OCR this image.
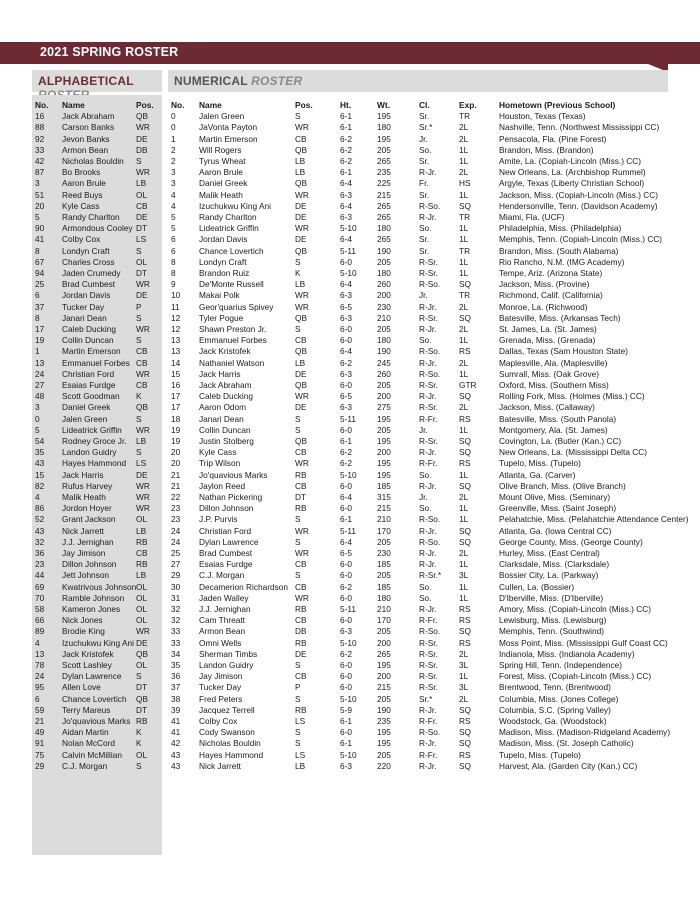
2021 SPRING ROSTER
ALPHABETICAL	NUMERICAL ROSTER
No.	Name	Pos.
16	Jack Abraham	QB
88	Carson Banks	WR
92	Jevon Banks	DE
33	Armon Bean	DB
42	Nicholas Bouldin	S
87	Bo Brooks	WR
3	Aaron Brule	LB
51	Reed Buys	OL
20	Kyle Cass	CB
5	Randy Charlton	DE
90	Armondous Cooley DT
41	Colby Cox	LS
8	Londyn Craft	S
67	Charles Cross	OL
94	Jaden Crumedy	DT
25	Brad Cumbest	WR
6	Jordan Davis	DE
37	Tucker Day	P
8	Janari Dean	S
17	Caleb Ducking	WR
19	Collin Duncan	S
1	Martin Emerson	CB
13	Emmanuel Forbes CB
24	Christian Ford	WR
27	Esaias Furdge	CB
48	Scott Goodman	K
3	Daniel Greek	QB
0	Jalen Green	S
5	Lideatrick Griffin	WR
54	Rodney Groce Jr.	LB
35	Landon Guidry	S
43	Hayes Hammond	LS
15	Jack Harris	DE
82	Rufus Harvey	WR
4	Malik Heath	WR
86	Jordon Hoyer	WR
52	Grant Jackson	OL
43	Nick Jarrett	LB
32	J.J. Jernighan	RB
36	Jay Jimison	CB
23	Dillon Johnson	RB
44	Jett Johnson	LB
69	Kwatrivous Johnson OL
70	Ramble Johnson	OL
58	Kameron Jones	OL
66	Nick Jones	OL
89	Brodie King	WR
4	Izuchukwu King Ani DE
13	Jack Kristofek	QB
78	Scott Lashley	OL
24	Dylan Lawrence	S
95	Allen Love	DT
6	Chance Lovertich	QB
59	Terry Mareus	DT
21	Jo'quavious Marks RB
49	Aidan Martin	K
91	Nolan McCord	K
75	Calvin McMillian	OL
29	C.J. Morgan	S
No.	Name	Pos.	Ht.	Wt.	Cl.	Exp.	Hometown (Previous School)
0	Jalen Green	S	6-1	195	Sr.	TR	Houston, Texas (Texas)
0	JaVonta Payton	WR	6-1	180	Sr.*	2L	Nashville, Tenn. (Northwest Mississippi CC)
1	Martin Emerson	CB	6-2	195	Jr.	2L	Pensacola, Fla. (Pine Forest)
2	Will Rogers	QB	6-2	205	So.	1L	Brandon, Miss. (Brandon)
2	Tyrus Wheat	LB	6-2	265	Sr.	1L	Amite, La. (Copiah-Lincoln (Miss.) CC)
3	Aaron Brule	LB	6-1	235	R-Jr.	2L	New Orleans, La. (Archbishop Rummel)
3	Daniel Greek	QB	6-4	225	Fr.	HS	Argyle, Texas (Liberty Christian School)
4	Malik Heath	WR	6-3	215	Sr.	1L	Jackson, Miss. (Copiah-Lincoln (Miss.) CC)
4	Izuchukwu King Ani	DE	6-4	265	R-So.	SQ	Hendersonville, Tenn. (Davidson Academy)
5	Randy Charlton	DE	6-3	265	R-Jr.	TR	Miami, Fla. (UCF)
5	Lideatrick Griffin	WR	5-10	180	So.	1L	Philadelphia, Miss. (Philadelphia)
6	Jordan Davis	DE	6-4	265	Sr.	1L	Memphis, Tenn. (Copiah-Lincoln (Miss.) CC)
6	Chance Lovertich	QB	5-11	190	Sr.	TR	Brandon, Miss. (South Alabama)
8	Londyn Craft	S	6-0	205	R-Sr.	1L	Rio Rancho, N.M. (IMG Academy)
8	Brandon Ruiz	K	5-10	180	R-Sr.	1L	Tempe, Ariz. (Arizona State)
9	De'Monte Russell	LB	6-4	260	R-So.	SQ	Jackson, Miss. (Provine)
10	Makai Polk	WR	6-3	200	Jr.	TR	Richmond, Calif. (California)
11	Geor'quarius Spivey	WR	6-5	230	R-Jr.	2L	Monroe, La. (Richwood)
12	Tyler Pogue	QB	6-3	210	R-Sr.	SQ	Batesville, Miss. (Arkansas Tech)
12	Shawn Preston Jr.	S	6-0	205	R-Jr.	2L	St. James, La. (St. James)
13	Emmanuel Forbes	CB	6-0	180	So.	1L	Grenada, Miss. (Grenada)
13	Jack Kristofek	QB	6-4	190	R-So.	RS	Dallas, Texas (Sam Houston State)
14	Nathaniel Watson	LB	6-2	245	R-Jr.	2L	Maplesville, Ala. (Maplesville)
15	Jack Harris	DE	6-3	260	R-So.	1L	Sumrall, Miss. (Oak Grove)
16	Jack Abraham	QB	6-0	205	R-Sr.	GTR	Oxford, Miss. (Southern Miss)
17	Caleb Ducking	WR	6-5	200	R-Jr.	SQ	Rolling Fork, Miss. (Holmes (Miss.) CC)
17	Aaron Odom	DE	6-3	275	R-Sr.	2L	Jackson, Miss. (Callaway)
18	Janari Dean	S	5-11	195	R-Fr.	RS	Batesville, Miss. (South Panola)
19	Collin Duncan	S	6-0	205	Jr.	1L	Montgomery, Ala. (St. James)
19	Justin Stolberg	QB	6-1	195	R-Sr.	SQ	Covington, La. (Butler (Kan.) CC)
20	Kyle Cass	CB	6-2	200	R-Jr.	SQ	New Orleans, La. (Mississippi Delta CC)
20	Trip Wilson	WR	6-2	195	R-Fr.	RS	Tupelo, Miss. (Tupelo)
21	Jo'quavious Marks	RB	5-10	195	So.	1L	Atlanta, Ga. (Carver)
21	Jaylon Reed	CB	6-0	185	R-Jr.	SQ	Olive Branch, Miss. (Olive Branch)
22	Nathan Pickering	DT	6-4	315	Jr.	2L	Mount Olive, Miss. (Seminary)
23	Dillon Johnson	RB	6-0	215	So.	1L	Greenville, Miss. (Saint Joseph)
23	J.P. Purvis	S	6-1	210	R-So.	1L	Pelahatchie, Miss. (Pelahatchie Attendance Center)
24	Christian Ford	WR	5-11	170	R-Jr.	SQ	Atlanta, Ga. (Iowa Central CC)
24	Dylan Lawrence	S	6-4	205	R-So.	SQ	George County, Miss. (George County)
25	Brad Cumbest	WR	6-5	230	R-Jr.	2L	Hurley, Miss. (East Central)
27	Esaias Furdge	CB	6-0	185	R-Jr.	1L	Clarksdale, Miss. (Clarksdale)
29	C.J. Morgan	S	6-0	205	R-Sr.*	3L	Bossier City, La. (Parkway)
30	Decamerion Richardson CB	6-2	185	So.	1L	Cullen, La. (Bossier)
31	Jaden Walley	WR	6-0	180	So.	1L	D'Iberville, Miss. (D'Iberville)
32	J.J. Jernighan	RB	5-11	210	R-Jr.	RS	Amory, Miss. (Copiah-Lincoln (Miss.) CC)
32	Cam Threatt	CB	6-0	170	R-Fr.	RS	Lewisburg, Miss. (Lewisburg)
33	Armon Bean	DB	6-3	205	R-So.	SQ	Memphis, Tenn. (Southwind)
33	Omni Wells	RB	5-10	200	R-Sr.	RS	Moss Point, Miss. (Mississippi Gulf Coast CC)
34	Sherman Timbs	DE	6-2	265	R-Sr.	2L	Indianola, Miss. (Indianola Academy)
35	Landon Guidry	S	6-0	195	R-Sr.	3L	Spring Hill, Tenn. (Independence)
36	Jay Jimison	CB	6-0	200	R-Sr.	1L	Forest, Miss. (Copiah-Lincoln (Miss.) CC)
37	Tucker Day	P	6-0	215	R-Sr.	3L	Brentwood, Tenn. (Brentwood)
38	Fred Peters	S	5-10	205	Sr.*	2L	Columbia, Miss. (Jones College)
39	Jacquez Terrell	RB	5-9	190	R-Jr.	SQ	Columbia, S.C. (Spring Valley)
41	Colby Cox	LS	6-1	235	R-Fr.	RS	Woodstock, Ga. (Woodstock)
41	Cody Swanson	S	6-0	195	R-So.	SQ	Madison, Miss. (Madison-Ridgeland Academy)
42	Nicholas Bouldin	S	6-1	195	R-Jr.	SQ	Madison, Miss. (St. Joseph Catholic)
43	Hayes Hammond	LS	5-10	205	R-Fr.	RS	Tupelo, Miss. (Tupelo)
43	Nick Jarrett	LB	6-3	220	R-Jr.	SQ	Harvest, Ala. (Garden City (Kan.) CC)
